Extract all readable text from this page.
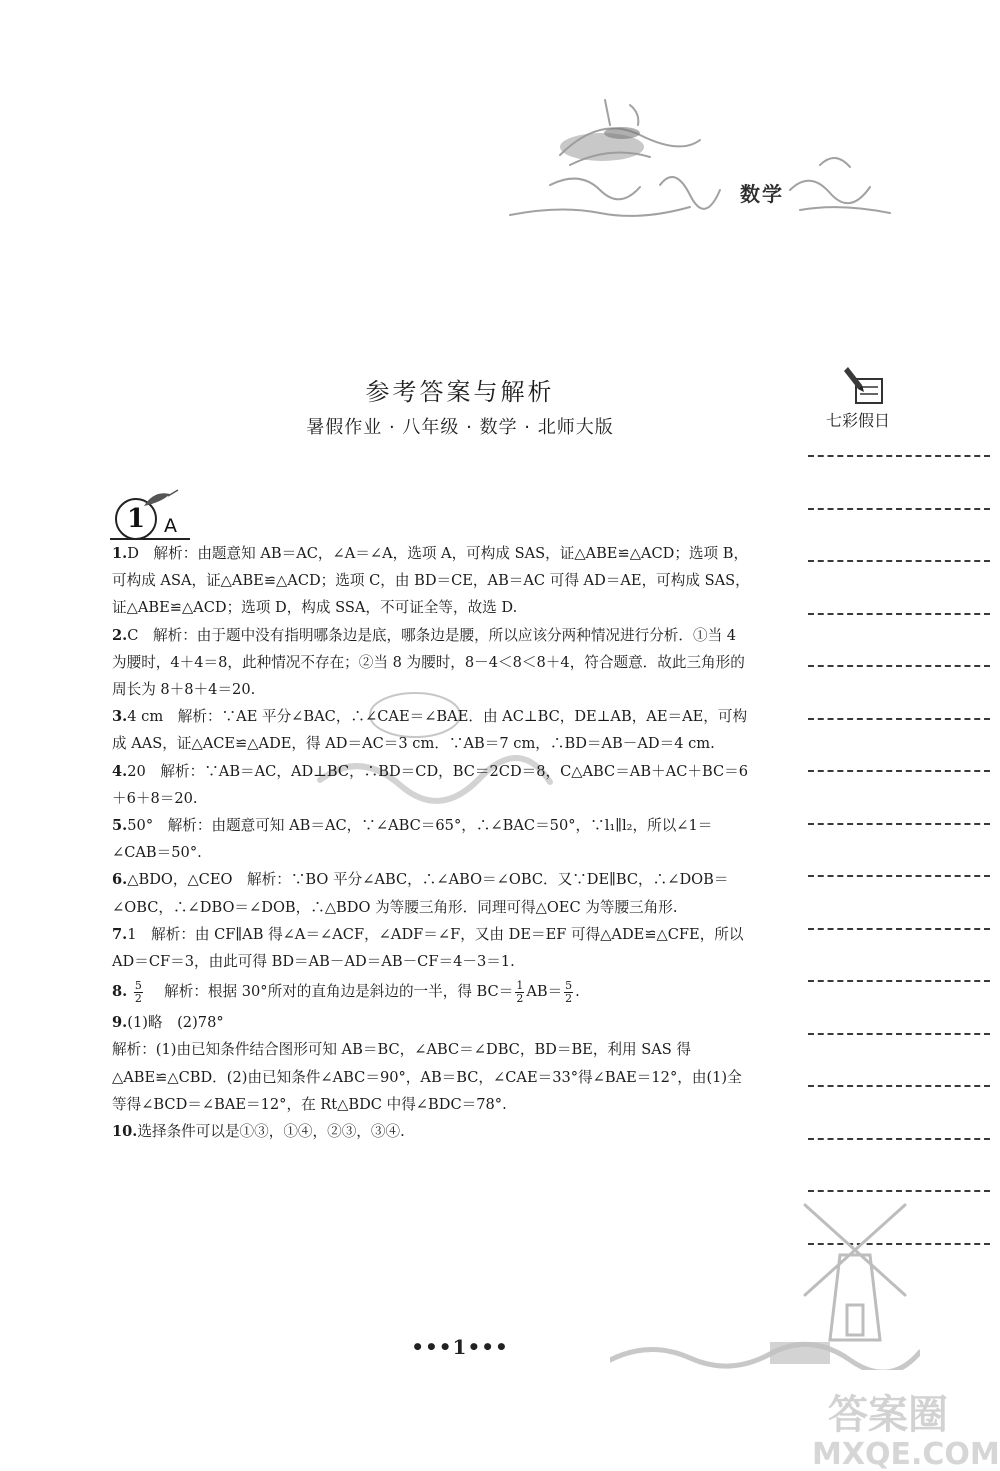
数学
参考答案与解析
暑假作业 · 八年级 · 数学 · 北师大版	七彩假日
1 A

1.D　解析：由题意知 AB＝AC，∠A＝∠A，选项 A，可构成 SAS，证△ABE≌△ACD；选项 B，可构成 ASA，证△ABE≌△ACD；选项 C，由 BD＝CE，AB＝AC 可得 AD＝AE，可构成 SAS，证△ABE≌△ACD；选项 D，构成 SSA，不可证全等，故选 D.

2.C　解析：由于题中没有指明哪条边是底，哪条边是腰，所以应该分两种情况进行分析．①当 4 为腰时，4＋4＝8，此种情况不存在；②当 8 为腰时，8－4＜8＜8＋4，符合题意．故此三角形的周长为 8＋8＋4＝20.

3.4 cm　解析：∵AE 平分∠BAC，∴∠CAE＝∠BAE．由 AC⊥BC，DE⊥AB，AE＝AE，可构成 AAS，证△ACE≌△ADE，得 AD＝AC＝3 cm．∵AB＝7 cm，∴BD＝AB－AD＝4 cm.

4.20　解析：∵AB＝AC，AD⊥BC，∴BD＝CD，BC＝2CD＝8，C△ABC＝AB＋AC＋BC＝6＋6＋8＝20.

5.50°　解析：由题意可知 AB＝AC，∵∠ABC＝65°，∴∠BAC＝50°，∵l₁∥l₂，所以∠1＝∠CAB＝50°.

6.△BDO，△CEO　解析：∵BO 平分∠ABC，∴∠ABO＝∠OBC．又∵DE∥BC，∴∠DOB＝∠OBC，∴∠DBO＝∠DOB，∴△BDO 为等腰三角形．同理可得△OEC 为等腰三角形.

7.1　解析：由 CF∥AB 得∠A＝∠ACF，∠ADF＝∠F，又由 DE＝EF 可得△ADE≌△CFE，所以 AD＝CF＝3，由此可得 BD＝AB－AD＝AB－CF＝4－3＝1.

8. $\frac{5}{2}$
　 解析：根据 30°所对的直角边是斜边的一半，得 $BC= \frac{1}{2} AB= \frac{5}{2}$ .

9.(1)略　(2)78°

解析：(1)由已知条件结合图形可知 AB＝BC，∠ABC＝∠DBC，BD＝BE，利用 SAS 得△ABE≌△CBD．(2)由已知条件∠ABC＝90°，AB＝BC，∠CAE＝33°得∠BAE＝12°，由(1)全等得∠BCD＝∠BAE＝12°，在 Rt△BDC 中得∠BDC＝78°.

10.选择条件可以是①③，①④，②③，③④.

•••1•••
答案圈
MXQE.COM
